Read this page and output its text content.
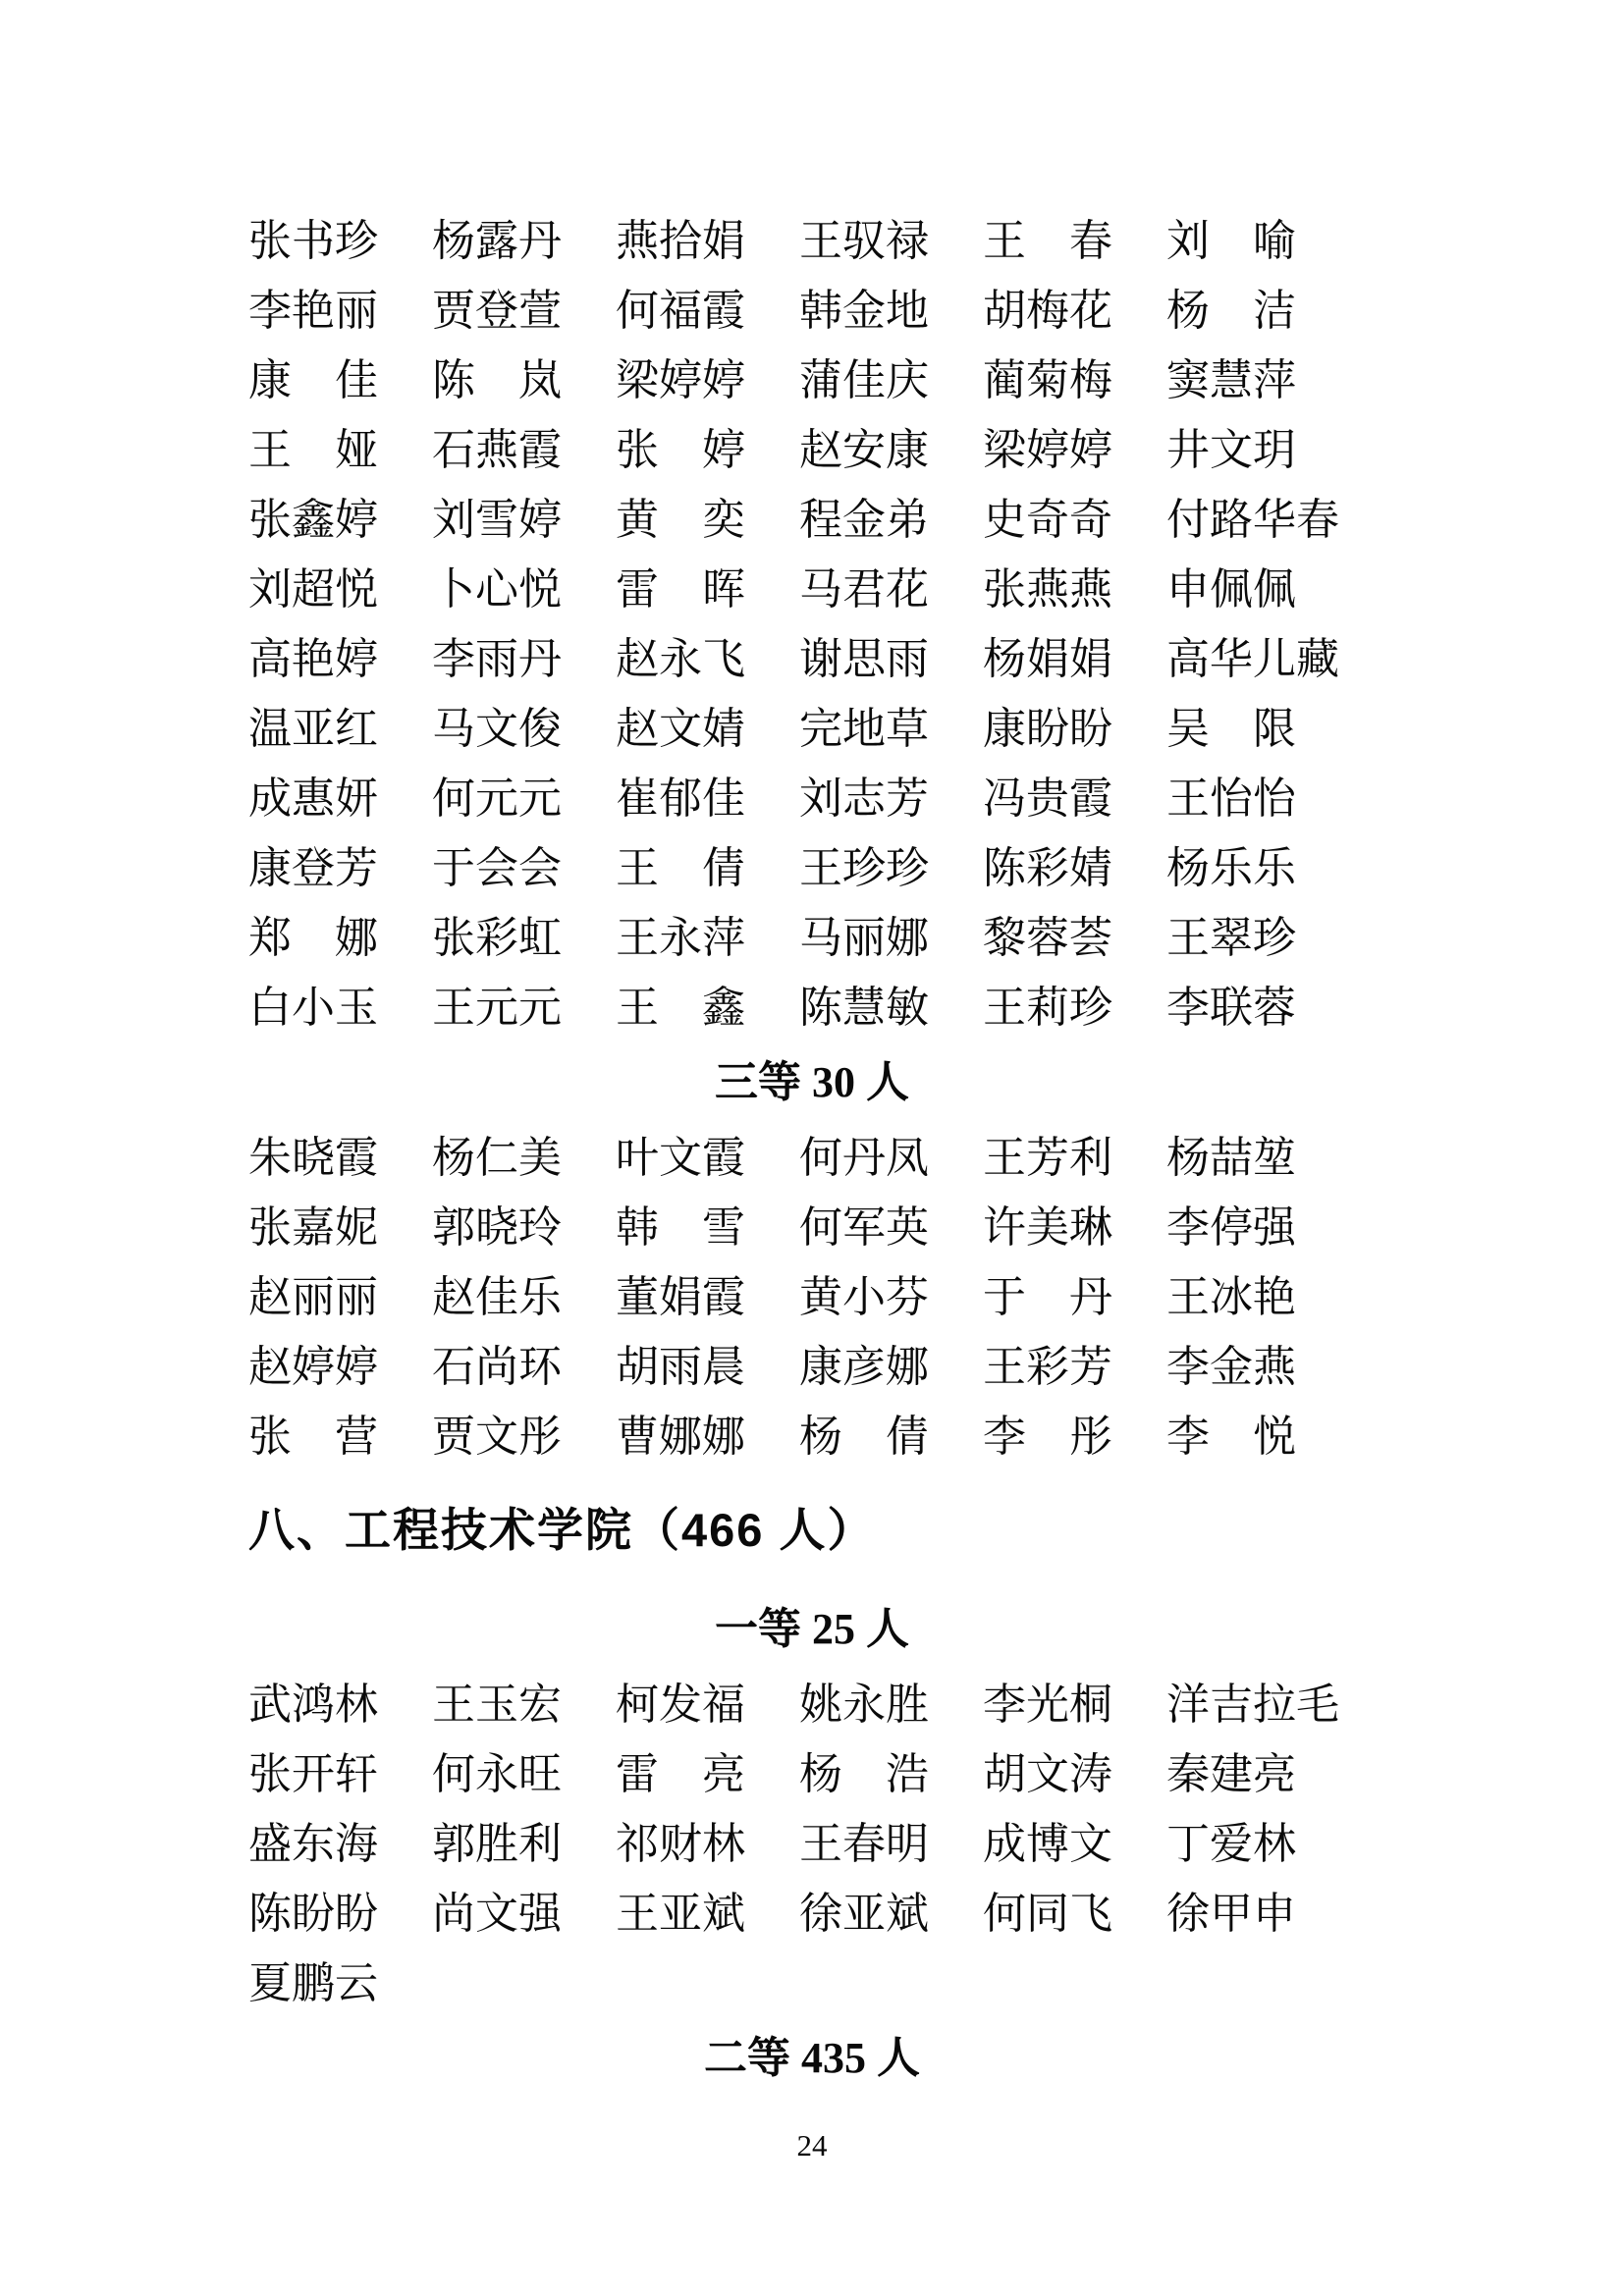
张书珍	杨露丹	燕拾娟	王驭禄	王　春	刘　喻
李艳丽	贾登萱	何福霞	韩金地	胡梅花	杨　洁
康　佳	陈　岚	梁婷婷	蒲佳庆	蔺菊梅	窦慧萍
王　娅	石燕霞	张　婷	赵安康	梁婷婷	井文玥
张鑫婷	刘雪婷	黄　奕	程金弟	史奇奇	付路华春
刘超悦	卜心悦	雷　晖	马君花	张燕燕	申佩佩
高艳婷	李雨丹	赵永飞	谢思雨	杨娟娟	高华儿藏
温亚红	马文俊	赵文婧	完地草	康盼盼	吴　限
成惠妍	何元元	崔郁佳	刘志芳	冯贵霞	王怡怡
康登芳	于会会	王　倩	王珍珍	陈彩婧	杨乐乐
郑　娜	张彩虹	王永萍	马丽娜	黎蓉荟	王翠珍
白小玉	王元元	王　鑫	陈慧敏	王莉珍	李联蓉
三等 30 人
朱晓霞	杨仁美	叶文霞	何丹凤	王芳利	杨喆堃
张嘉妮	郭晓玲	韩　雪	何军英	许美琳	李停强
赵丽丽	赵佳乐	董娟霞	黄小芬	于　丹	王冰艳
赵婷婷	石尚环	胡雨晨	康彦娜	王彩芳	李金燕
张　营	贾文彤	曹娜娜	杨　倩	李　彤	李　悦
八、工程技术学院（466 人）
一等 25 人
武鸿林	王玉宏	柯发福	姚永胜	李光桐	洋吉拉毛
张开轩	何永旺	雷　亮	杨　浩	胡文涛	秦建亮
盛东海	郭胜利	祁财林	王春明	成博文	丁爱林
陈盼盼	尚文强	王亚斌	徐亚斌	何同飞	徐甲申
夏鹏云
二等 435 人
24
